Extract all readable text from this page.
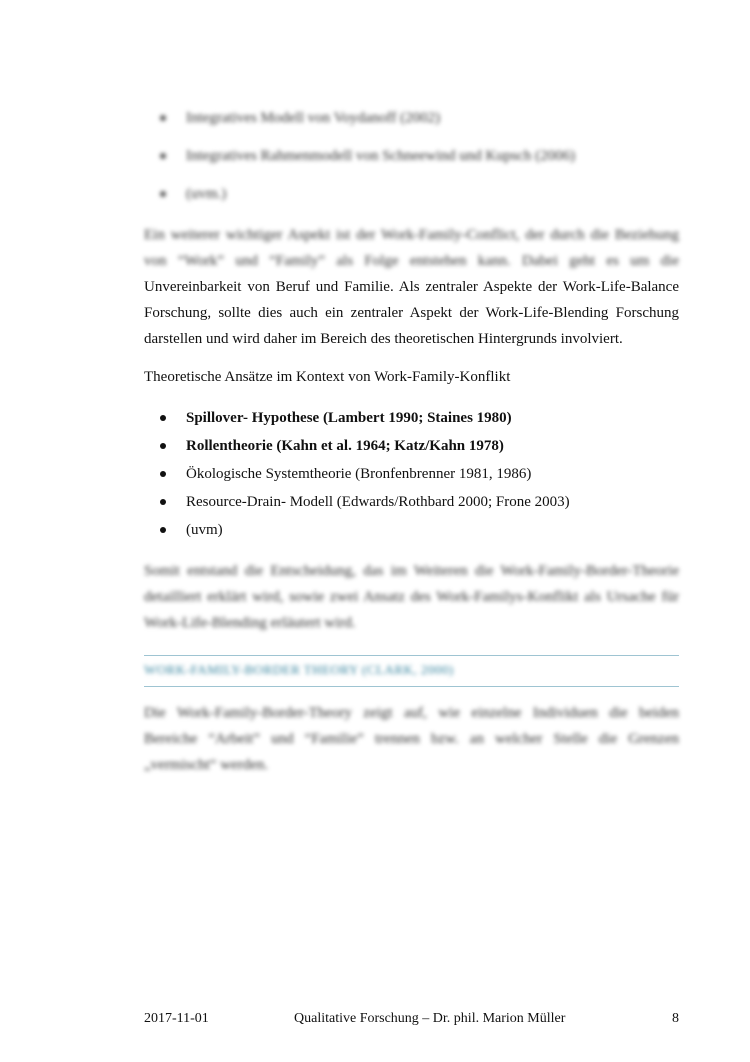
Integratives Modell von Voydanoff (2002)
Integratives Rahmenmodell von Schneewind und Kupsch (2006)
(uvm.)
Ein weiterer wichtiger Aspekt ist der Work-Family-Conflict, der durch die Beziehung
von “Work” und “Family” als Folge entstehen kann. Dabei geht es um die
Unvereinbarkeit von Beruf und Familie. Als zentraler Aspekte der Work-Life-Balance
Forschung, sollte dies auch ein zentraler Aspekt der Work-Life-Blending Forschung
darstellen und wird daher im Bereich des theoretischen Hintergrunds involviert.
Theoretische Ansätze im Kontext von Work-Family-Konflikt
Spillover- Hypothese (Lambert 1990; Staines 1980)
Rollentheorie (Kahn et al. 1964; Katz/Kahn 1978)
Ökologische Systemtheorie (Bronfenbrenner 1981, 1986)
Resource-Drain- Modell (Edwards/Rothbard 2000; Frone 2003)
(uvm)
Somit entstand die Entscheidung, das im Weiteren die Work-Family-Border-Theorie
detailliert erklärt wird, sowie zwei Ansatz des Work-Familys-Konflikt als Ursache für
Work-Life-Blending erläutert wird.
WORK-FAMILY-BORDER THEORY (CLARK, 2000)
Die Work-Family-Border-Theory zeigt auf, wie einzelne Individuen die beiden
Bereiche “Arbeit” und “Familie” trennen bzw. an welcher Stelle die Grenzen
„vermischt“ werden.
2017-11-01	Qualitative Forschung – Dr. phil. Marion Müller	8
